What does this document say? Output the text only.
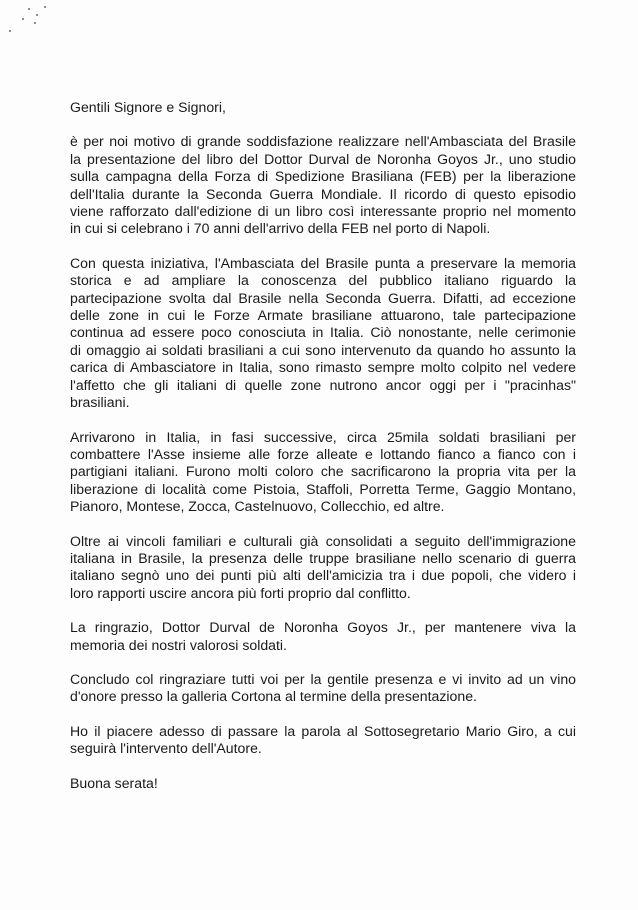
Gentili Signore e Signori,

è per noi motivo di grande soddisfazione realizzare nell'Ambasciata del Brasile
la presentazione del libro del Dottor Durval de Noronha Goyos Jr., uno studio
sulla campagna della Forza di Spedizione Brasiliana (FEB) per la liberazione
dell'Italia durante la Seconda Guerra Mondiale. Il ricordo di questo episodio
viene rafforzato dall'edizione di un libro così interessante proprio nel momento
in cui si celebrano i 70 anni dell'arrivo della FEB nel porto di Napoli.

Con questa iniziativa, l'Ambasciata del Brasile punta a preservare la memoria
storica e ad ampliare la conoscenza del pubblico italiano riguardo la
partecipazione svolta dal Brasile nella Seconda Guerra. Difatti, ad eccezione
delle zone in cui le Forze Armate brasiliane attuarono, tale partecipazione
continua ad essere poco conosciuta in Italia. Ciò nonostante, nelle cerimonie
di omaggio ai soldati brasiliani a cui sono intervenuto da quando ho assunto la
carica di Ambasciatore in Italia, sono rimasto sempre molto colpito nel vedere
l'affetto che gli italiani di quelle zone nutrono ancor oggi per i "pracinhas"
brasiliani.

Arrivarono in Italia, in fasi successive, circa 25mila soldati brasiliani per
combattere l'Asse insieme alle forze alleate e lottando fianco a fianco con i
partigiani italiani. Furono molti coloro che sacrificarono la propria vita per la
liberazione di località come Pistoia, Staffoli, Porretta Terme, Gaggio Montano,
Pianoro, Montese, Zocca, Castelnuovo, Collecchio, ed altre.

Oltre ai vincoli familiari e culturali già consolidati a seguito dell'immigrazione
italiana in Brasile, la presenza delle truppe brasiliane nello scenario di guerra
italiano segnò uno dei punti più alti dell'amicizia tra i due popoli, che videro i
loro rapporti uscire ancora più forti proprio dal conflitto.

La ringrazio, Dottor Durval de Noronha Goyos Jr., per mantenere viva la
memoria dei nostri valorosi soldati.

Concludo col ringraziare tutti voi per la gentile presenza e vi invito ad un vino
d'onore presso la galleria Cortona al termine della presentazione.

Ho il piacere adesso di passare la parola al Sottosegretario Mario Giro, a cui
seguirà l'intervento dell'Autore.

Buona serata!
